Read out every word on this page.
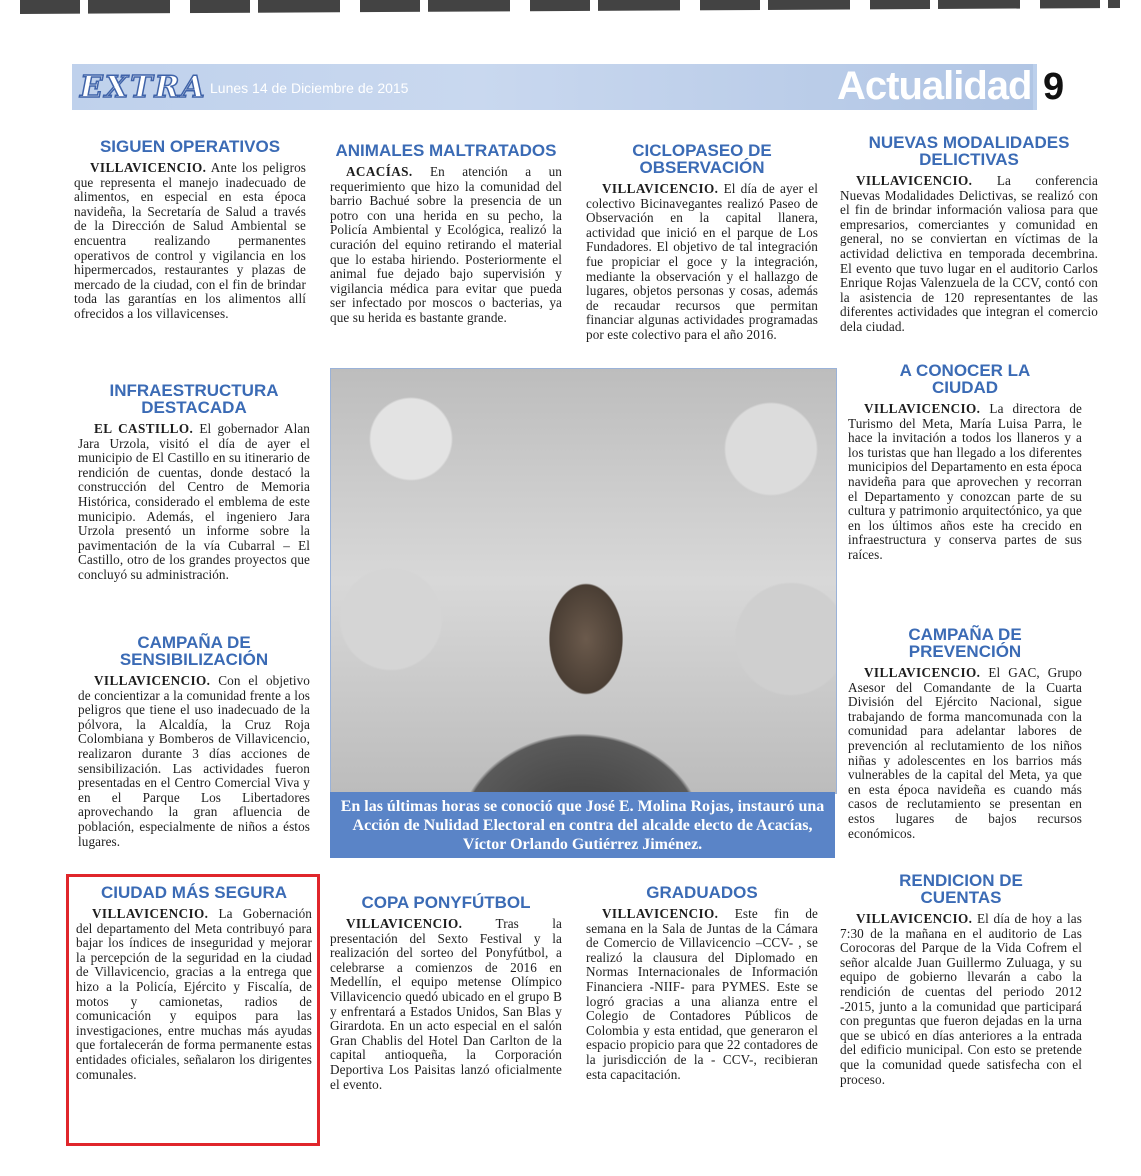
EXTRA Lunes 14 de Diciembre de 2015	Actualidad 9
SIGUEN OPERATIVOS

VILLAVICENCIO. Ante los peligros que representa el manejo inadecuado de alimentos, en especial en esta época navideña, la Secretaría de Salud a través de la Dirección de Salud Ambiental se encuentra realizando permanentes operativos de control y vigilancia en los hipermercados, restaurantes y plazas de mercado de la ciudad, con el fin de brindar toda las garantías en los alimentos allí ofrecidos a los villavicenses.

ANIMALES MALTRATADOS

ACACÍAS. En atención a un requerimiento que hizo la comunidad del barrio Bachué sobre la presencia de un potro con una herida en su pecho, la Policía Ambiental y Ecológica, realizó la curación del equino retirando el material que lo estaba hiriendo. Posteriormente el animal fue dejado bajo supervisión y vigilancia médica para evitar que pueda ser infectado por moscos o bacterias, ya que su herida es bastante grande.

CICLOPASEO DE OBSERVACIÓN

VILLAVICENCIO. El día de ayer el colectivo Bicinavegantes realizó Paseo de Observación en la capital llanera, actividad que inició en el parque de Los Fundadores. El objetivo de tal integración fue propiciar el goce y la integración, mediante la observación y el hallazgo de lugares, objetos personas y cosas, además de recaudar recursos que permitan financiar algunas actividades programadas por este colectivo para el año 2016.

NUEVAS MODALIDADES DELICTIVAS

VILLAVICENCIO. La conferencia Nuevas Modalidades Delictivas, se realizó con el fin de brindar información valiosa para que empresarios, comerciantes y comunidad en general, no se conviertan en víctimas de la actividad delictiva en temporada decembrina. El evento que tuvo lugar en el auditorio Carlos Enrique Rojas Valenzuela de la CCV, contó con la asistencia de 120 representantes de las diferentes actividades que integran el comercio dela ciudad.

INFRAESTRUCTURA DESTACADA

EL CASTILLO. El gobernador Alan Jara Urzola, visitó el día de ayer el municipio de El Castillo en su itinerario de rendición de cuentas, donde destacó la construcción del Centro de Memoria Histórica, considerado el emblema de este municipio. Además, el ingeniero Jara Urzola presentó un informe sobre la pavimentación de la vía Cubarral – El Castillo, otro de los grandes proyectos que concluyó su administración.

CAMPAÑA DE SENSIBILIZACIÓN

VILLAVICENCIO. Con el objetivo de concientizar a la comunidad frente a los peligros que tiene el uso inadecuado de la pólvora, la Alcaldía, la Cruz Roja Colombiana y Bomberos de Villavicencio, realizaron durante 3 días acciones de sensibilización. Las actividades fueron presentadas en el Centro Comercial Viva y en el Parque Los Libertadores aprovechando la gran afluencia de población, especialmente de niños a éstos lugares.

A CONOCER LA CIUDAD

VILLAVICENCIO. La directora de Turismo del Meta, María Luisa Parra, le hace la invitación a todos los llaneros y a los turistas que han llegado a los diferentes municipios del Departamento en esta época navideña para que aprovechen y recorran el Departamento y conozcan parte de su cultura y patrimonio arquitectónico, ya que en los últimos años este ha crecido en infraestructura y conserva partes de sus raíces.

CAMPAÑA DE PREVENCIÓN

VILLAVICENCIO. El GAC, Grupo Asesor del Comandante de la Cuarta División del Ejército Nacional, sigue trabajando de forma mancomunada con la comunidad para adelantar labores de prevención al reclutamiento de los niños niñas y adolescentes en los barrios más vulnerables de la capital del Meta, ya que en esta época navideña es cuando más casos de reclutamiento se presentan en estos lugares de bajos recursos económicos.

En las últimas horas se conoció que José E. Molina Rojas, instauró una Acción de Nulidad Electoral en contra del alcalde electo de Acacías, Víctor Orlando Gutiérrez Jiménez.
CIUDAD MÁS SEGURA

VILLAVICENCIO. La Gobernación del departamento del Meta contribuyó para bajar los índices de inseguridad y mejorar la percepción de la seguridad en la ciudad de Villavicencio, gracias a la entrega que hizo a la Policía, Ejército y Fiscalía, de motos y camionetas, radios de comunicación y equipos para las investigaciones, entre muchas más ayudas que fortalecerán de forma permanente estas entidades oficiales, señalaron los dirigentes comunales.

COPA PONYFÚTBOL

VILLAVICENCIO.	Tras la presentación del Sexto Festival y la realización del sorteo del Ponyfútbol, a celebrarse a comienzos de 2016 en Medellín, el equipo metense Olímpico Villavicencio quedó ubicado en el grupo B y enfrentará a Estados Unidos, San Blas y Girardota. En un acto especial en el salón Gran Chablis del Hotel Dan Carlton de la capital antioqueña, la Corporación Deportiva Los Paisitas lanzó oficialmente el evento.

GRADUADOS

VILLAVICENCIO. Este fin de semana en la Sala de Juntas de la Cámara de Comercio de Villavicencio –CCV- , se realizó la clausura del Diplomado en Normas Internacionales de Información Financiera -NIIF- para PYMES. Este se logró gracias a una alianza entre el Colegio de Contadores Públicos de Colombia y esta entidad, que generaron el espacio propicio para que 22 contadores de la jurisdicción de la - CCV-, recibieran esta capacitación.

RENDICION DE CUENTAS

VILLAVICENCIO. El día de hoy a las 7:30 de la mañana en el auditorio de Las Corocoras del Parque de la Vida Cofrem el señor alcalde Juan Guillermo Zuluaga, y su equipo de gobierno llevarán a cabo la rendición de cuentas del periodo 2012 -2015, junto a la comunidad que participará con preguntas que fueron dejadas en la urna que se ubicó en días anteriores a la entrada del edificio municipal. Con esto se pretende que la comunidad quede satisfecha con el proceso.
